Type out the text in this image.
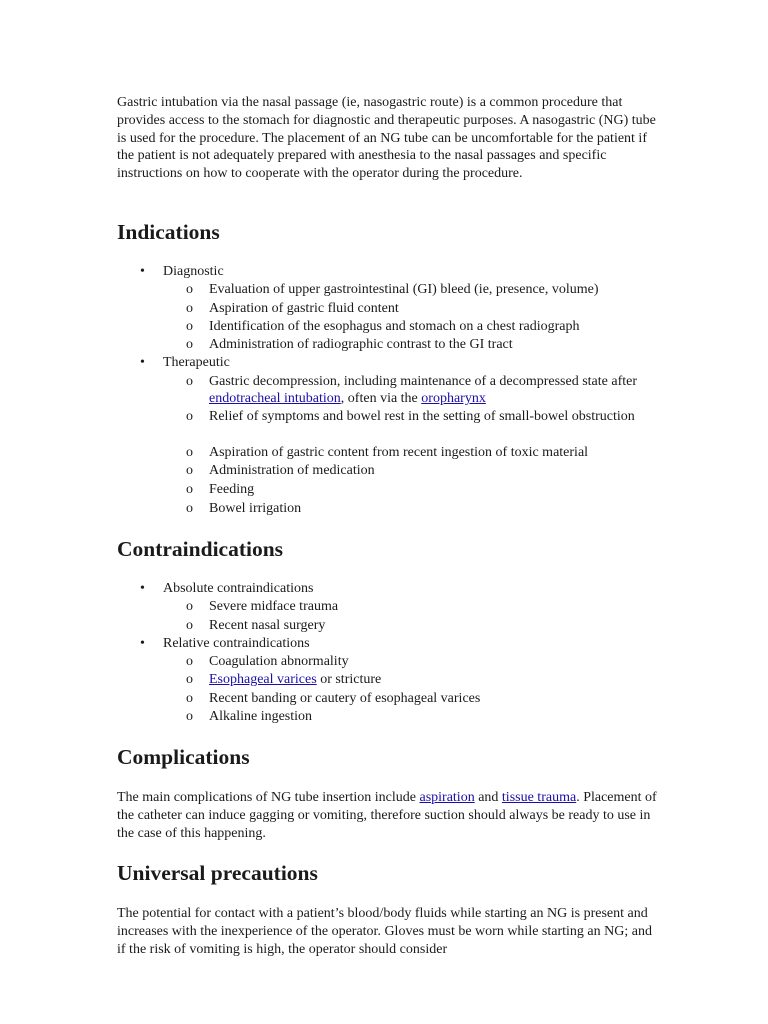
Gastric intubation via the nasal passage (ie, nasogastric route) is a common procedure that provides access to the stomach for diagnostic and therapeutic purposes. A nasogastric (NG) tube is used for the procedure. The placement of an NG tube can be uncomfortable for the patient if the patient is not adequately prepared with anesthesia to the nasal passages and specific instructions on how to cooperate with the operator during the procedure.

Indications
• Diagnostic
o Evaluation of upper gastrointestinal (GI) bleed (ie, presence, volume)
o Aspiration of gastric fluid content
o Identification of the esophagus and stomach on a chest radiograph
o Administration of radiographic contrast to the GI tract
• Therapeutic
o Gastric decompression, including maintenance of a decompressed state after endotracheal intubation, often via the oropharynx
o Relief of symptoms and bowel rest in the setting of small-bowel obstruction
o Aspiration of gastric content from recent ingestion of toxic material
o Administration of medication
o Feeding
o Bowel irrigation
Contraindications
• Absolute contraindications
o Severe midface trauma
o Recent nasal surgery
• Relative contraindications
o Coagulation abnormality
o Esophageal varices or stricture
o Recent banding or cautery of esophageal varices
o Alkaline ingestion
Complications

The main complications of NG tube insertion include aspiration and tissue trauma. Placement of the catheter can induce gagging or vomiting, therefore suction should always be ready to use in the case of this happening.

Universal precautions

The potential for contact with a patient’s blood/body fluids while starting an NG is present and increases with the inexperience of the operator. Gloves must be worn while starting an NG; and if the risk of vomiting is high, the operator should consider
